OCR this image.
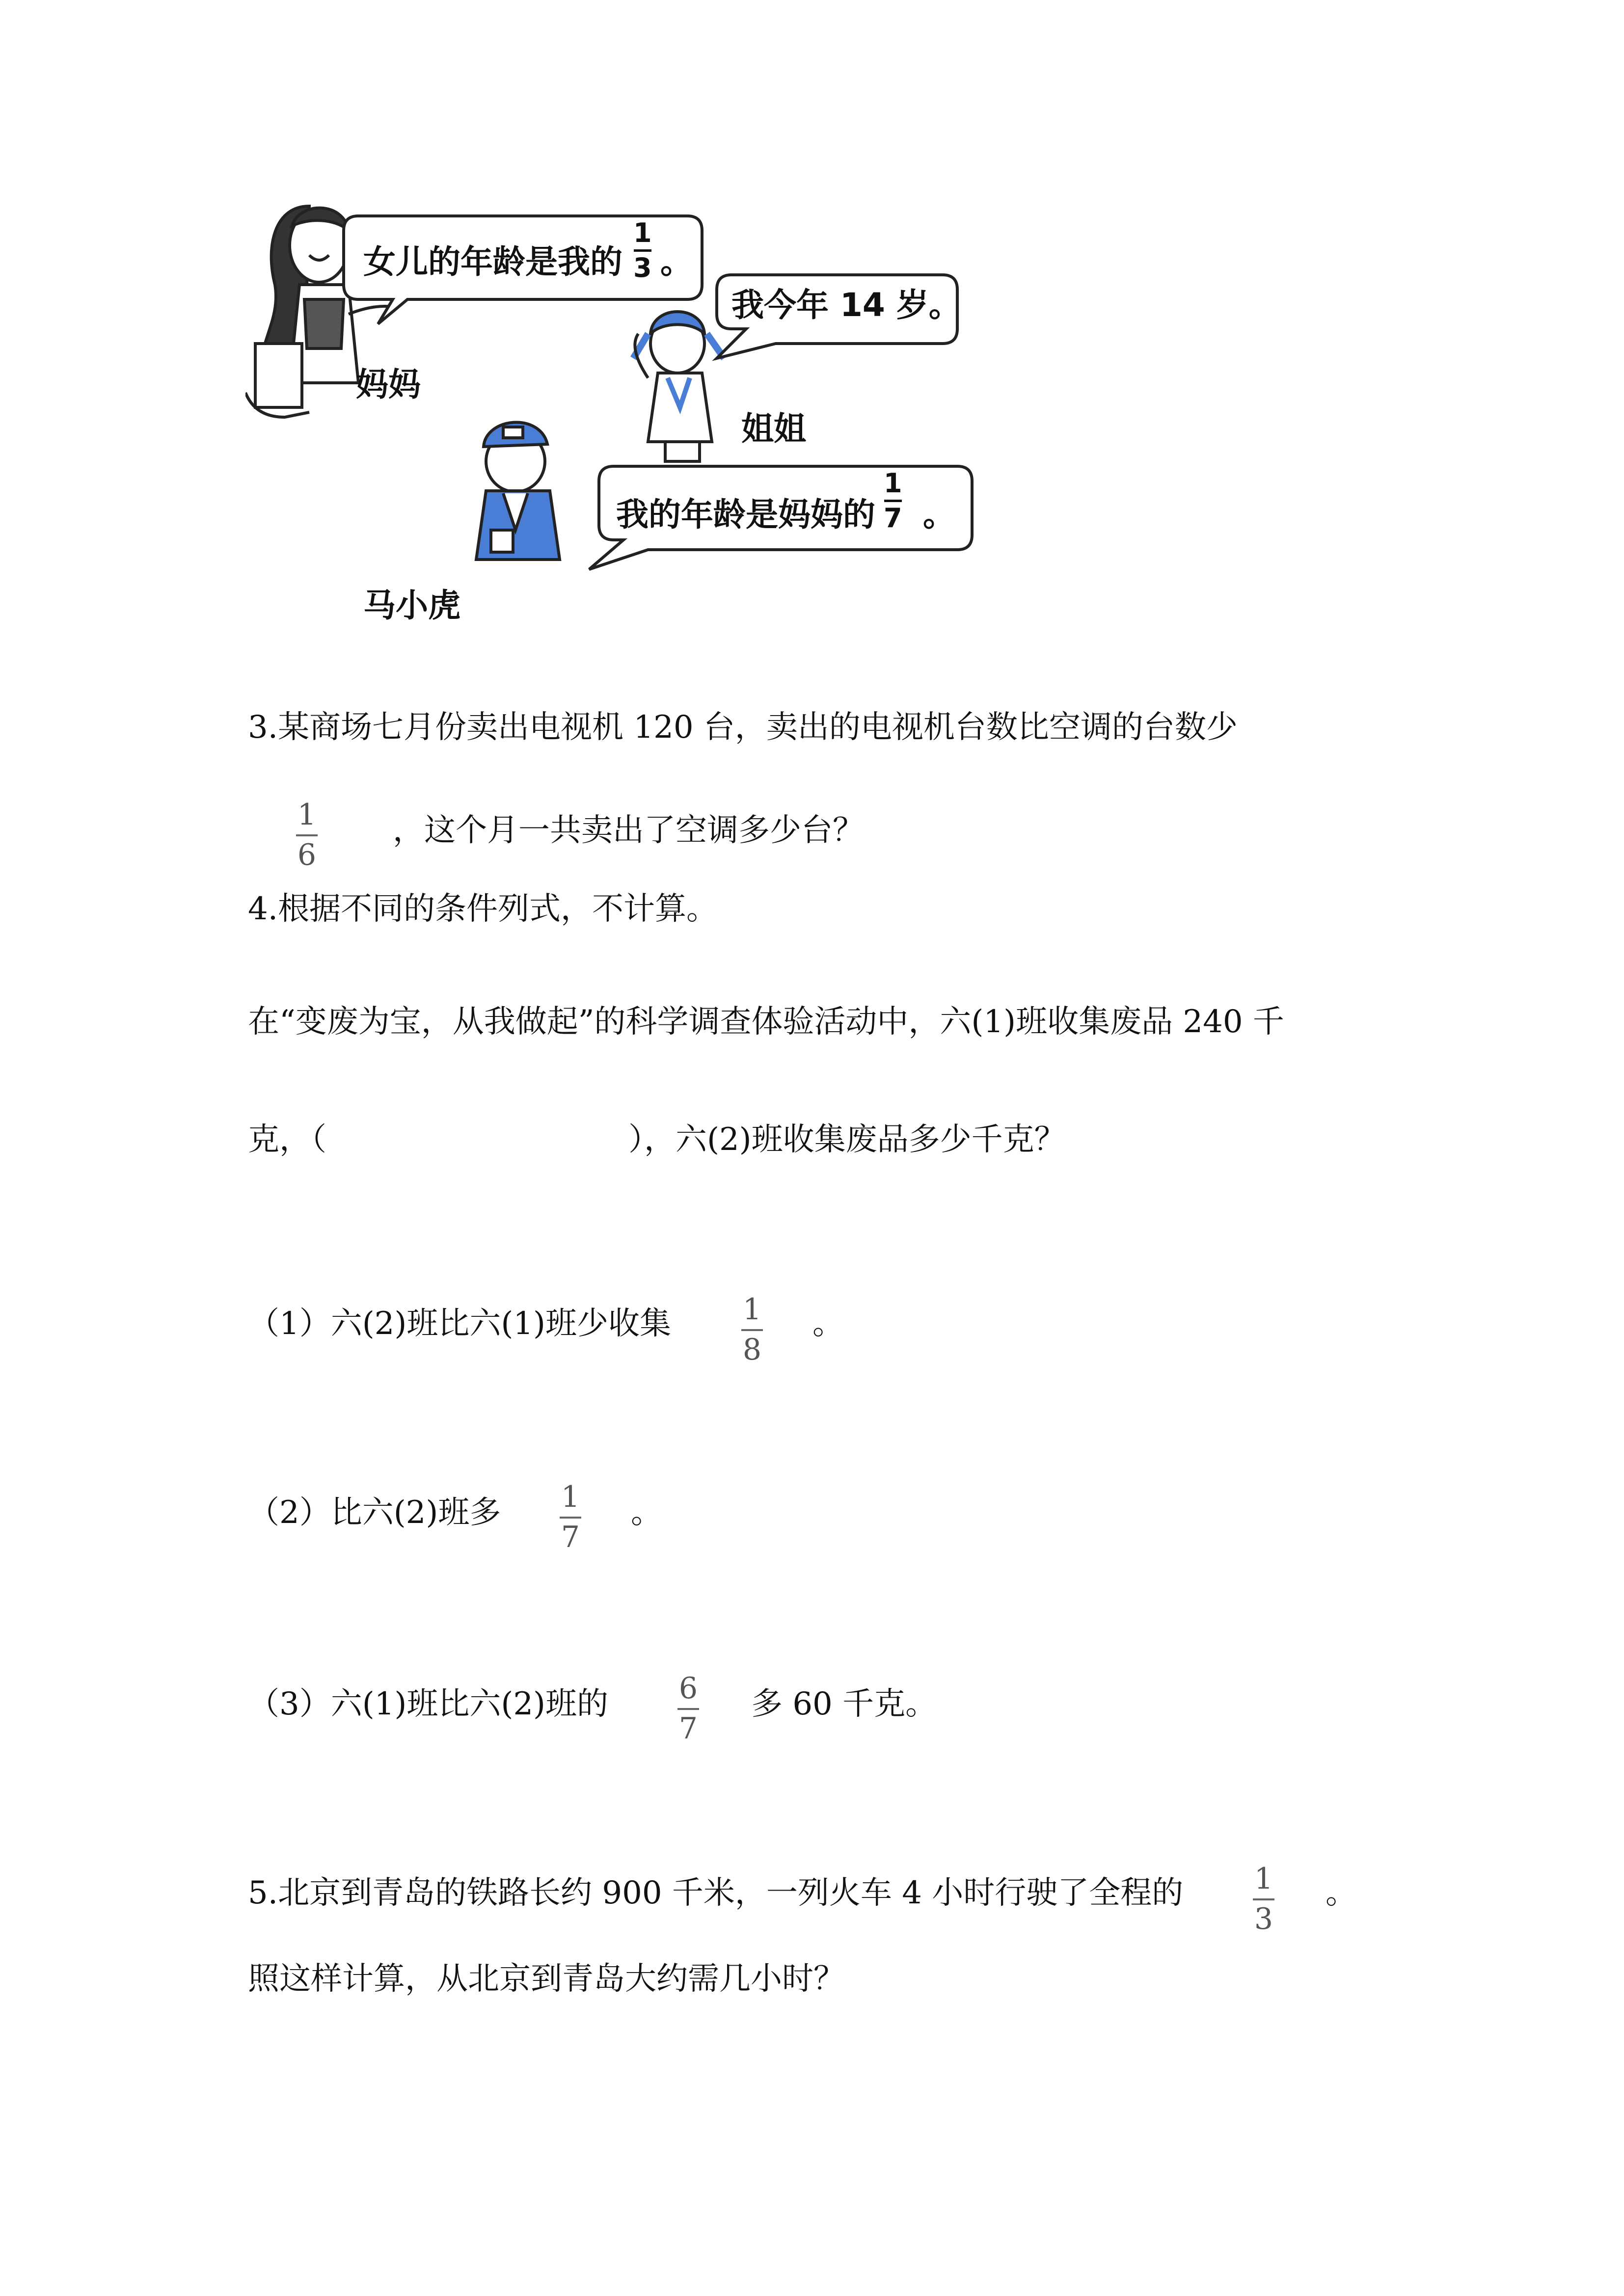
女儿的年龄是我的
1
3 。
妈妈
我今年 14 岁。
姐姐
我的年龄是妈妈的
1
7 。
马小虎
3.某商场七月份卖出电视机 120 台，卖出的电视机台数比空调的台数少
1
6
，这个月一共卖出了空调多少台？
4.根据不同的条件列式，不计算。
在“变废为宝，从我做起”的科学调查体验活动中，六(1)班收集废品 240 千
克，（	），六(2)班收集废品多少千克？
（1）六(2)班比六(1)班少收集 1
8
。
（2）比六(2)班多 1
7
。
（3）六(1)班比六(2)班的 6
7
多 60 千克。
5.北京到青岛的铁路长约 900 千米，一列火车 4 小时行驶了全程的 1
3
。
照这样计算，从北京到青岛大约需几小时？
